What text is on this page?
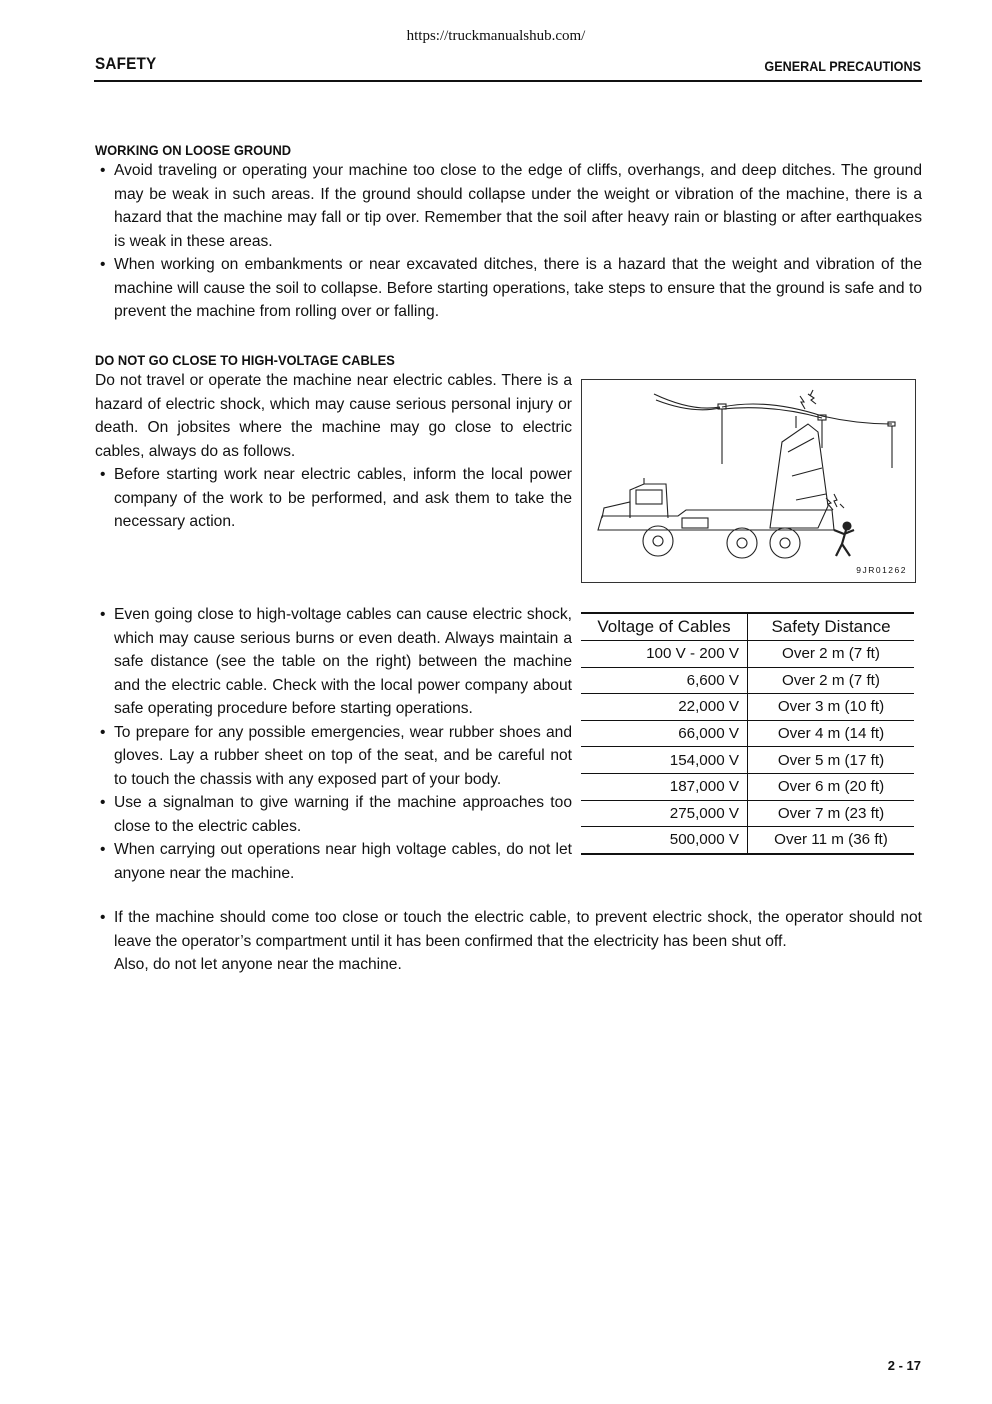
https://truckmanualshub.com/
SAFETY	GENERAL PRECAUTIONS
WORKING ON LOOSE GROUND
• Avoid traveling or operating your machine too close to the edge of cliffs, overhangs, and deep ditches. The ground may be weak in such areas. If the ground should collapse under the weight or vibration of the machine, there is a hazard that the machine may fall or tip over. Remember that the soil after heavy rain or blasting or after earthquakes is weak in these areas.
• When working on embankments or near excavated ditches, there is a hazard that the weight and vibration of the machine will cause the soil to collapse. Before starting operations, take steps to ensure that the ground is safe and to prevent the machine from rolling over or falling.
DO NOT GO CLOSE TO HIGH-VOLTAGE CABLES
Do not travel or operate the machine near electric cables. There is a hazard of electric shock, which may cause serious personal injury or death. On jobsites where the machine may go close to electric cables, always do as follows.
• Before starting work near electric cables, inform the local power company of the work to be performed, and ask them to take the necessary action.
9JR01262
• Even going close to high-voltage cables can cause electric shock, which may cause serious burns or even death. Always maintain a safe distance (see the table on the right) between the machine and the electric cable. Check with the local power company about safe operating procedure before starting operations.
• To prepare for any possible emergencies, wear rubber shoes and gloves. Lay a rubber sheet on top of the seat, and be careful not to touch the chassis with any exposed part of your body.
• Use a signalman to give warning if the machine approaches too close to the electric cables.
• When carrying out operations near high voltage cables, do not let anyone near the machine.
• If the machine should come too close or touch the electric cable, to prevent electric shock, the operator should not leave the operator’s compartment until it has been confirmed that the electricity has been shut off.
Also, do not let anyone near the machine.
Voltage of Cables	Safety Distance
100 V - 200 V	Over 2 m (7 ft)
6,600 V	Over 2 m (7 ft)
22,000 V	Over 3 m (10 ft)
66,000 V	Over 4 m (14 ft)
154,000 V	Over 5 m (17 ft)
187,000 V	Over 6 m (20 ft)
275,000 V	Over 7 m (23 ft)
500,000 V	Over 11 m (36 ft)
2 - 17
